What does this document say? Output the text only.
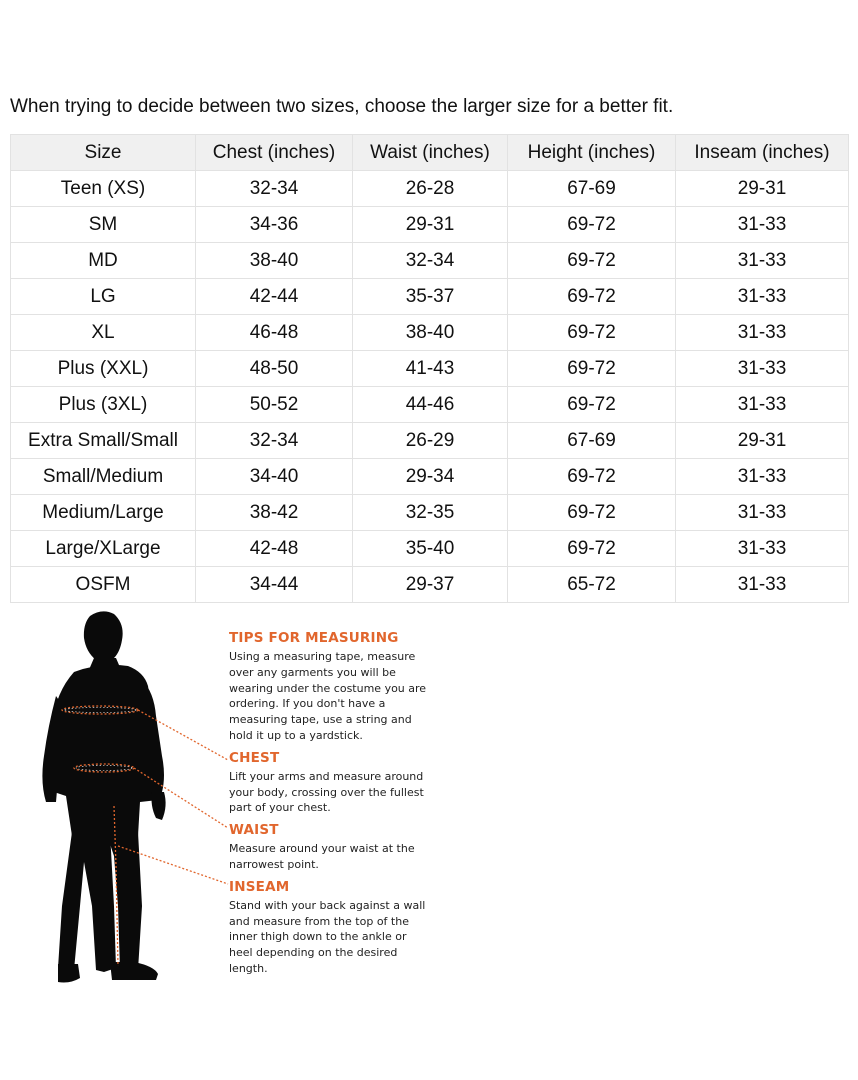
When trying to decide between two sizes, choose the larger size for a better fit.
Size	Chest (inches)	Waist (inches)	Height (inches)	Inseam (inches)
Teen (XS)	32-34	26-28	67-69	29-31
SM	34-36	29-31	69-72	31-33
MD	38-40	32-34	69-72	31-33
LG	42-44	35-37	69-72	31-33
XL	46-48	38-40	69-72	31-33
Plus (XXL)	48-50	41-43	69-72	31-33
Plus (3XL)	50-52	44-46	69-72	31-33
Extra Small/Small	32-34	26-29	67-69	29-31
Small/Medium	34-40	29-34	69-72	31-33
Medium/Large	38-42	32-35	69-72	31-33
Large/XLarge	42-48	35-40	69-72	31-33
OSFM	34-44	29-37	65-72	31-33
TIPS FOR MEASURING

Using a measuring tape, measure over any garments you will be wearing under the costume you are ordering. If you don't have a measuring tape, use a string and hold it up to a yardstick.

CHEST

Lift your arms and measure around your body, crossing over the fullest part of your chest.

WAIST

Measure around your waist at the narrowest point.

INSEAM

Stand with your back against a wall and measure from the top of the inner thigh down to the ankle or heel depending on the desired length.
